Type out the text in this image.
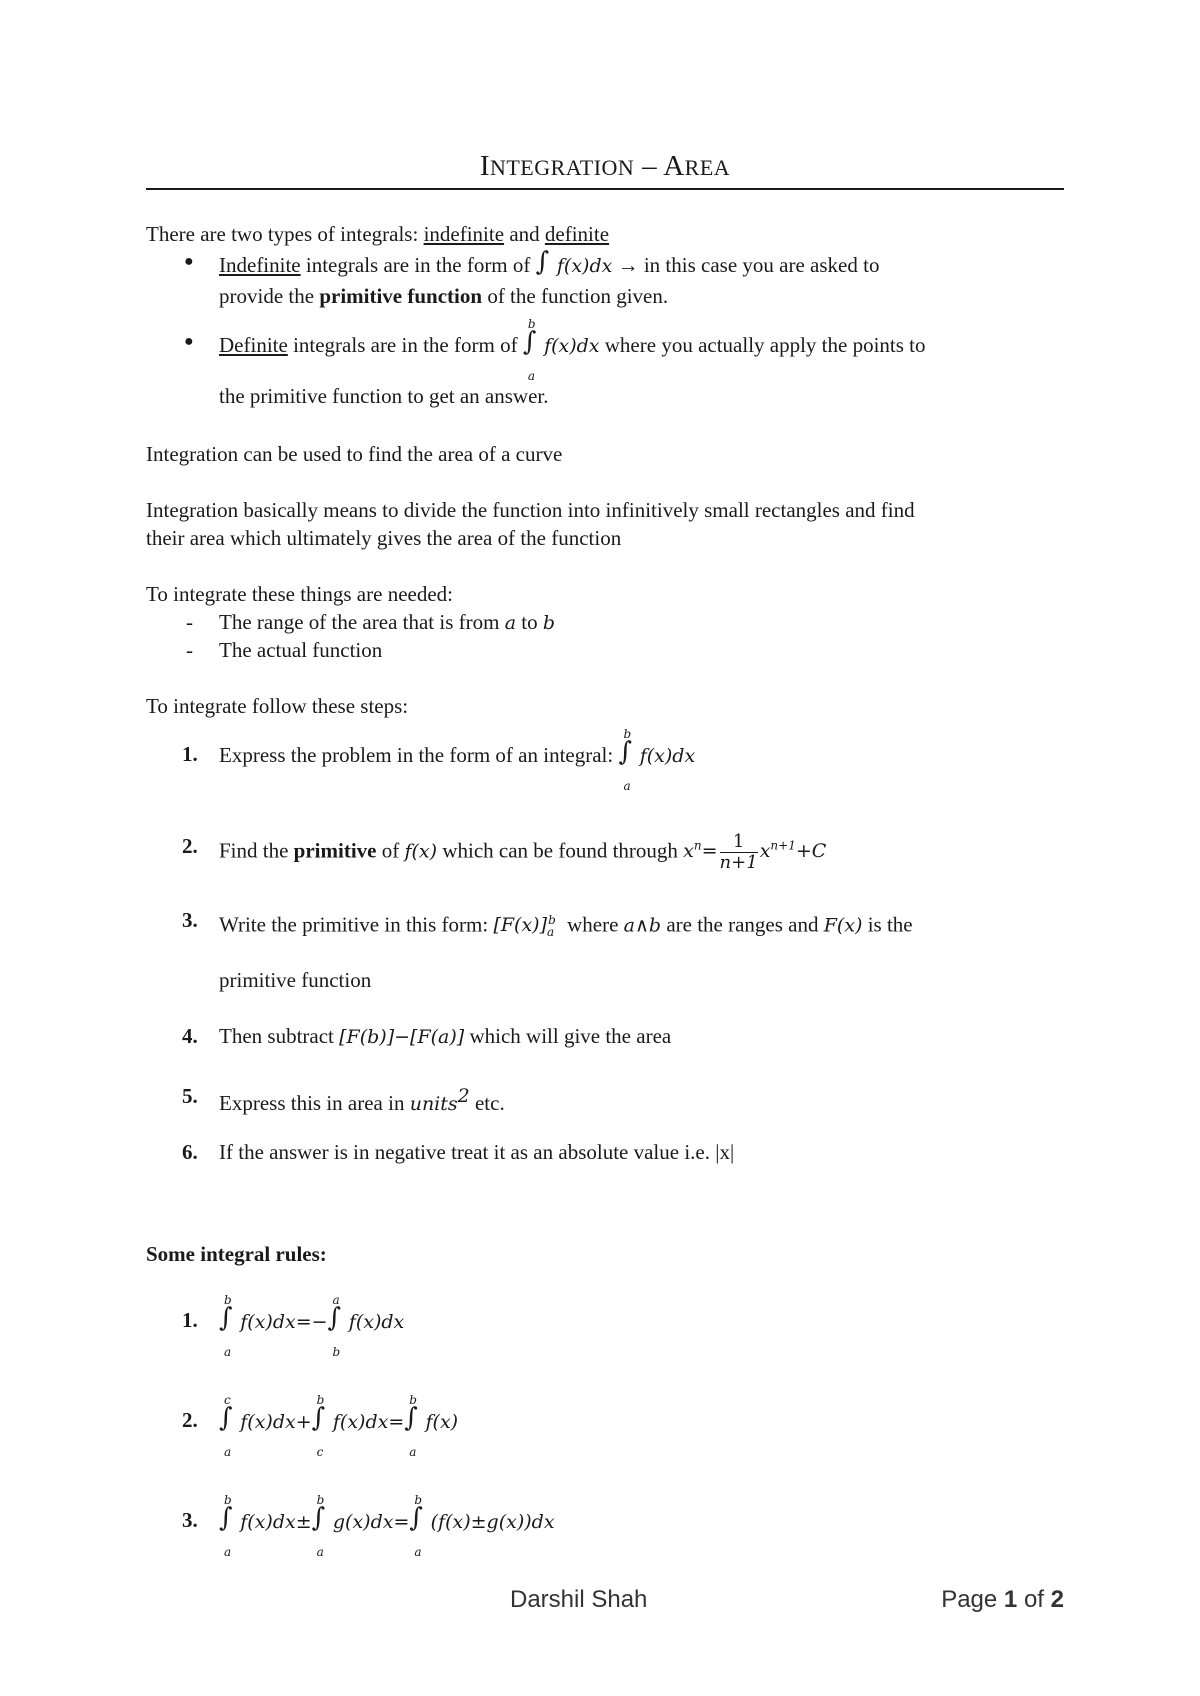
INTEGRATION – AREA
There are two types of integrals: indefinite and definite
● Indefinite integrals are in the form of ∫ f(x)dx → in this case you are asked to
provide the primitive function of the function given.
● Definite integrals are in the form of ∫
b
a
f(x)dx where you actually apply the points to
the primitive function to get an answer.
Integration can be used to find the area of a curve
Integration basically means to divide the function into infinitively small rectangles and find
their area which ultimately gives the area of the function
To integrate these things are needed:
- The range of the area that is from a to b
- The actual function
To integrate follow these steps:
1. Express the problem in the form of an integral: ∫
b
a
f(x)dx
2. Find the primitive of f(x) which can be found through $x^n= \frac{1}{n+1} x^{n+1}+C$
3. Write the primitive in this form: $[F(x)]_a^b$ where a∧b are the ranges and F(x) is the
primitive function
4. Then subtract [F(b)]−[F(a)] which will give the area
5. Express this in area in units$^2$ etc.
6. If the answer is in negative treat it as an absolute value i.e. |x|
Some integral rules:
1. ∫
b
a
f(x)dx=− ∫
a
b
f(x)dx
2. ∫
c
a
f(x)dx+ ∫
b
c
f(x)dx= ∫
b
a
f(x)
3. ∫
b
a
f(x)dx± ∫
b
a
g(x)dx= ∫
b
a
(f(x)±g(x))dx
Darshil Shah	Page 1 of 2
